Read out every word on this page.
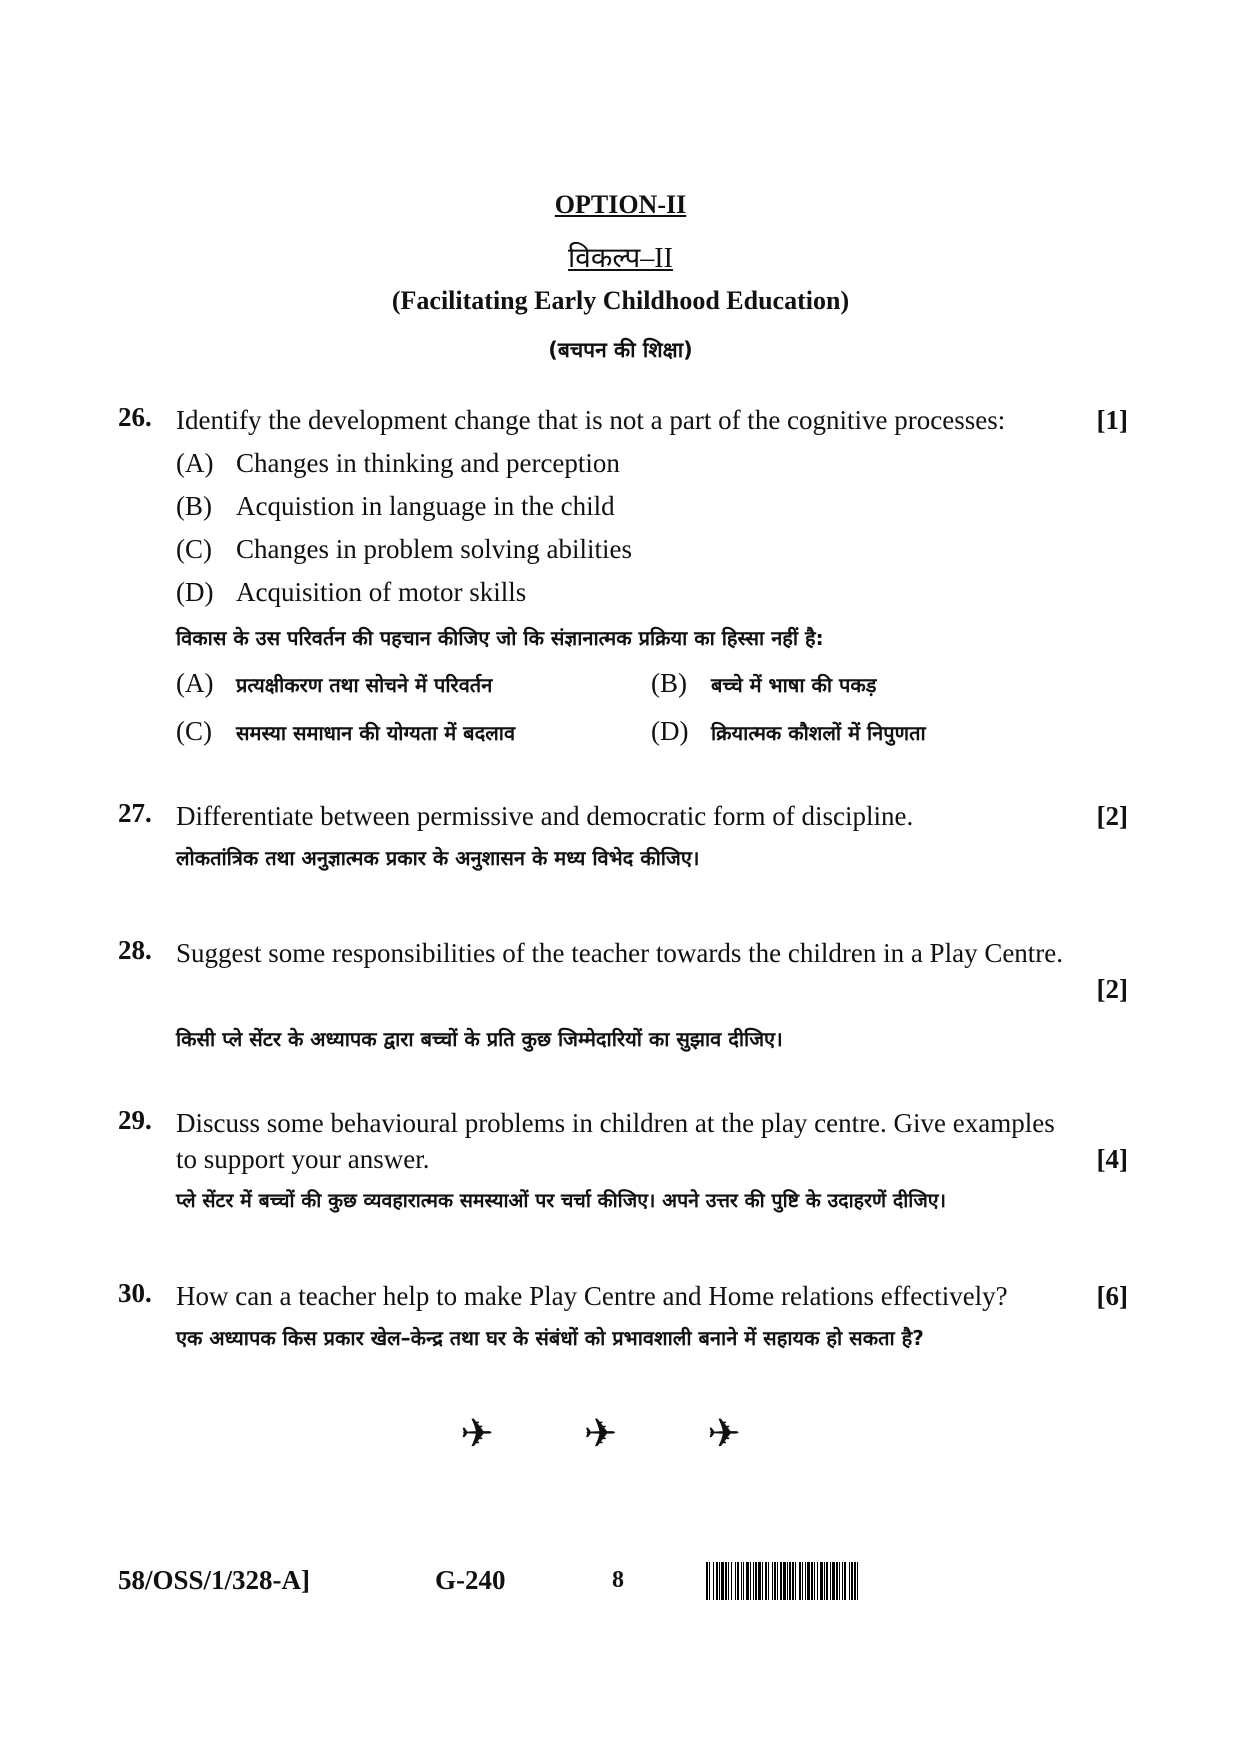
OPTION-II
विकल्प–II
(Facilitating Early Childhood Education)
(बचपन की शिक्षा)
26.	[1]
Identify the development change that is not a part of the cognitive processes:
(A) Changes in thinking and perception
(B) Acquistion in language in the child
(C) Changes in problem solving abilities
(D) Acquisition of motor skills
विकास के उस परिवर्तन की पहचान कीजिए जो कि संज्ञानात्मक प्रक्रिया का हिस्सा नहीं है:
(A) प्रत्यक्षीकरण तथा सोचने में परिवर्तन	(B) बच्चे में भाषा की पकड़
(C) समस्या समाधान की योग्यता में बदलाव	(D) क्रियात्मक कौशलों में निपुणता
27.	[2]
Differentiate between permissive and democratic form of discipline.
लोकतांत्रिक तथा अनुज्ञात्मक प्रकार के अनुशासन के मध्य विभेद कीजिए।
28. Suggest some responsibilities of the teacher towards the children in a Play Centre.
[2]
किसी प्ले सेंटर के अध्यापक द्वारा बच्चों के प्रति कुछ जिम्मेदारियों का सुझाव दीजिए।
29. Discuss some behavioural problems in children at the play centre. Give examples
[4]
to support your answer.
प्ले सेंटर में बच्चों की कुछ व्यवहारात्मक समस्याओं पर चर्चा कीजिए। अपने उत्तर की पुष्टि के उदाहरणें दीजिए।
30.	[6]
How can a teacher help to make Play Centre and Home relations effectively?
एक अध्यापक किस प्रकार खेल–केन्द्र तथा घर के संबंधों को प्रभावशाली बनाने में सहायक हो सकता है?
✈ ✈ ✈
58/OSS/1/328-A]	G-240	8
